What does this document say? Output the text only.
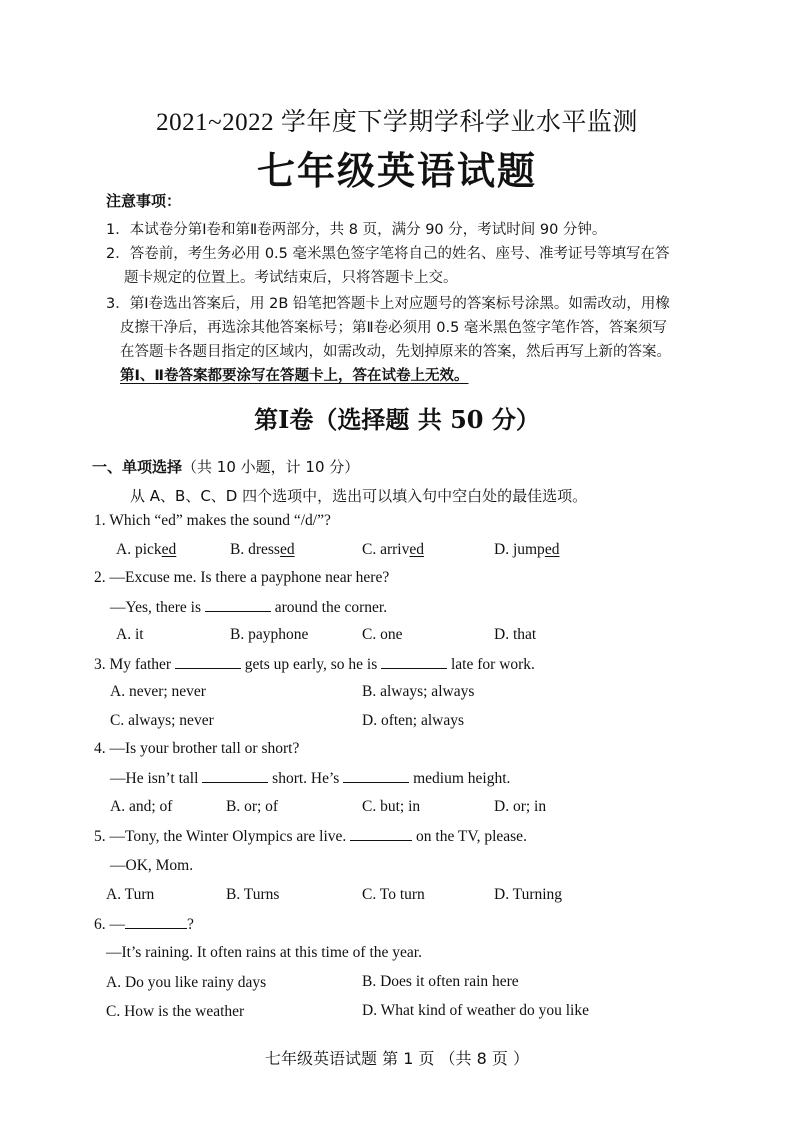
2021~2022 学年度下学期学科学业水平监测
七年级英语试题
注意事项：
1．本试卷分第Ⅰ卷和第Ⅱ卷两部分，共 8 页，满分 90 分，考试时间 90 分钟。
2．答卷前，考生务必用 0.5 毫米黑色签字笔将自己的姓名、座号、准考证号等填写在答
题卡规定的位置上。考试结束后，只将答题卡上交。
3．第Ⅰ卷选出答案后，用 2B 铅笔把答题卡上对应题号的答案标号涂黑。如需改动，用橡
皮擦干净后，再选涂其他答案标号；第Ⅱ卷必须用 0.5 毫米黑色签字笔作答，答案须写
在答题卡各题目指定的区域内，如需改动，先划掉原来的答案，然后再写上新的答案。
第Ⅰ、Ⅱ卷答案都要涂写在答题卡上，答在试卷上无效。
第Ⅰ卷（选择题 共 50 分）
一、单项选择（共 10 小题，计 10 分）
从 A、B、C、D 四个选项中，选出可以填入句中空白处的最佳选项。
1. Which “ed” makes the sound “/d/”?
A. picked	B. dressed	C. arrived	D. jumped
2. —Excuse me. Is there a payphone near here?
—Yes, there is	around the corner.
A. it	B. payphone	C. one	D. that
3. My father	gets up early, so he is	late for work.
A. never; never	B. always; always
C. always; never	D. often; always
4. —Is your brother tall or short?
—He isn’t tall	short. He’s	medium height.
A. and; of	B. or; of	C. but; in	D. or; in
5. —Tony, the Winter Olympics are live.	on the TV, please.
—OK, Mom.
A. Turn	B. Turns	C. To turn	D. Turning
6. —	?
—It’s raining. It often rains at this time of the year.
A. Do you like rainy days	B. Does it often rain here
C. How is the weather	D. What kind of weather do you like
七年级英语试题 第 1 页 （共 8 页 ）
